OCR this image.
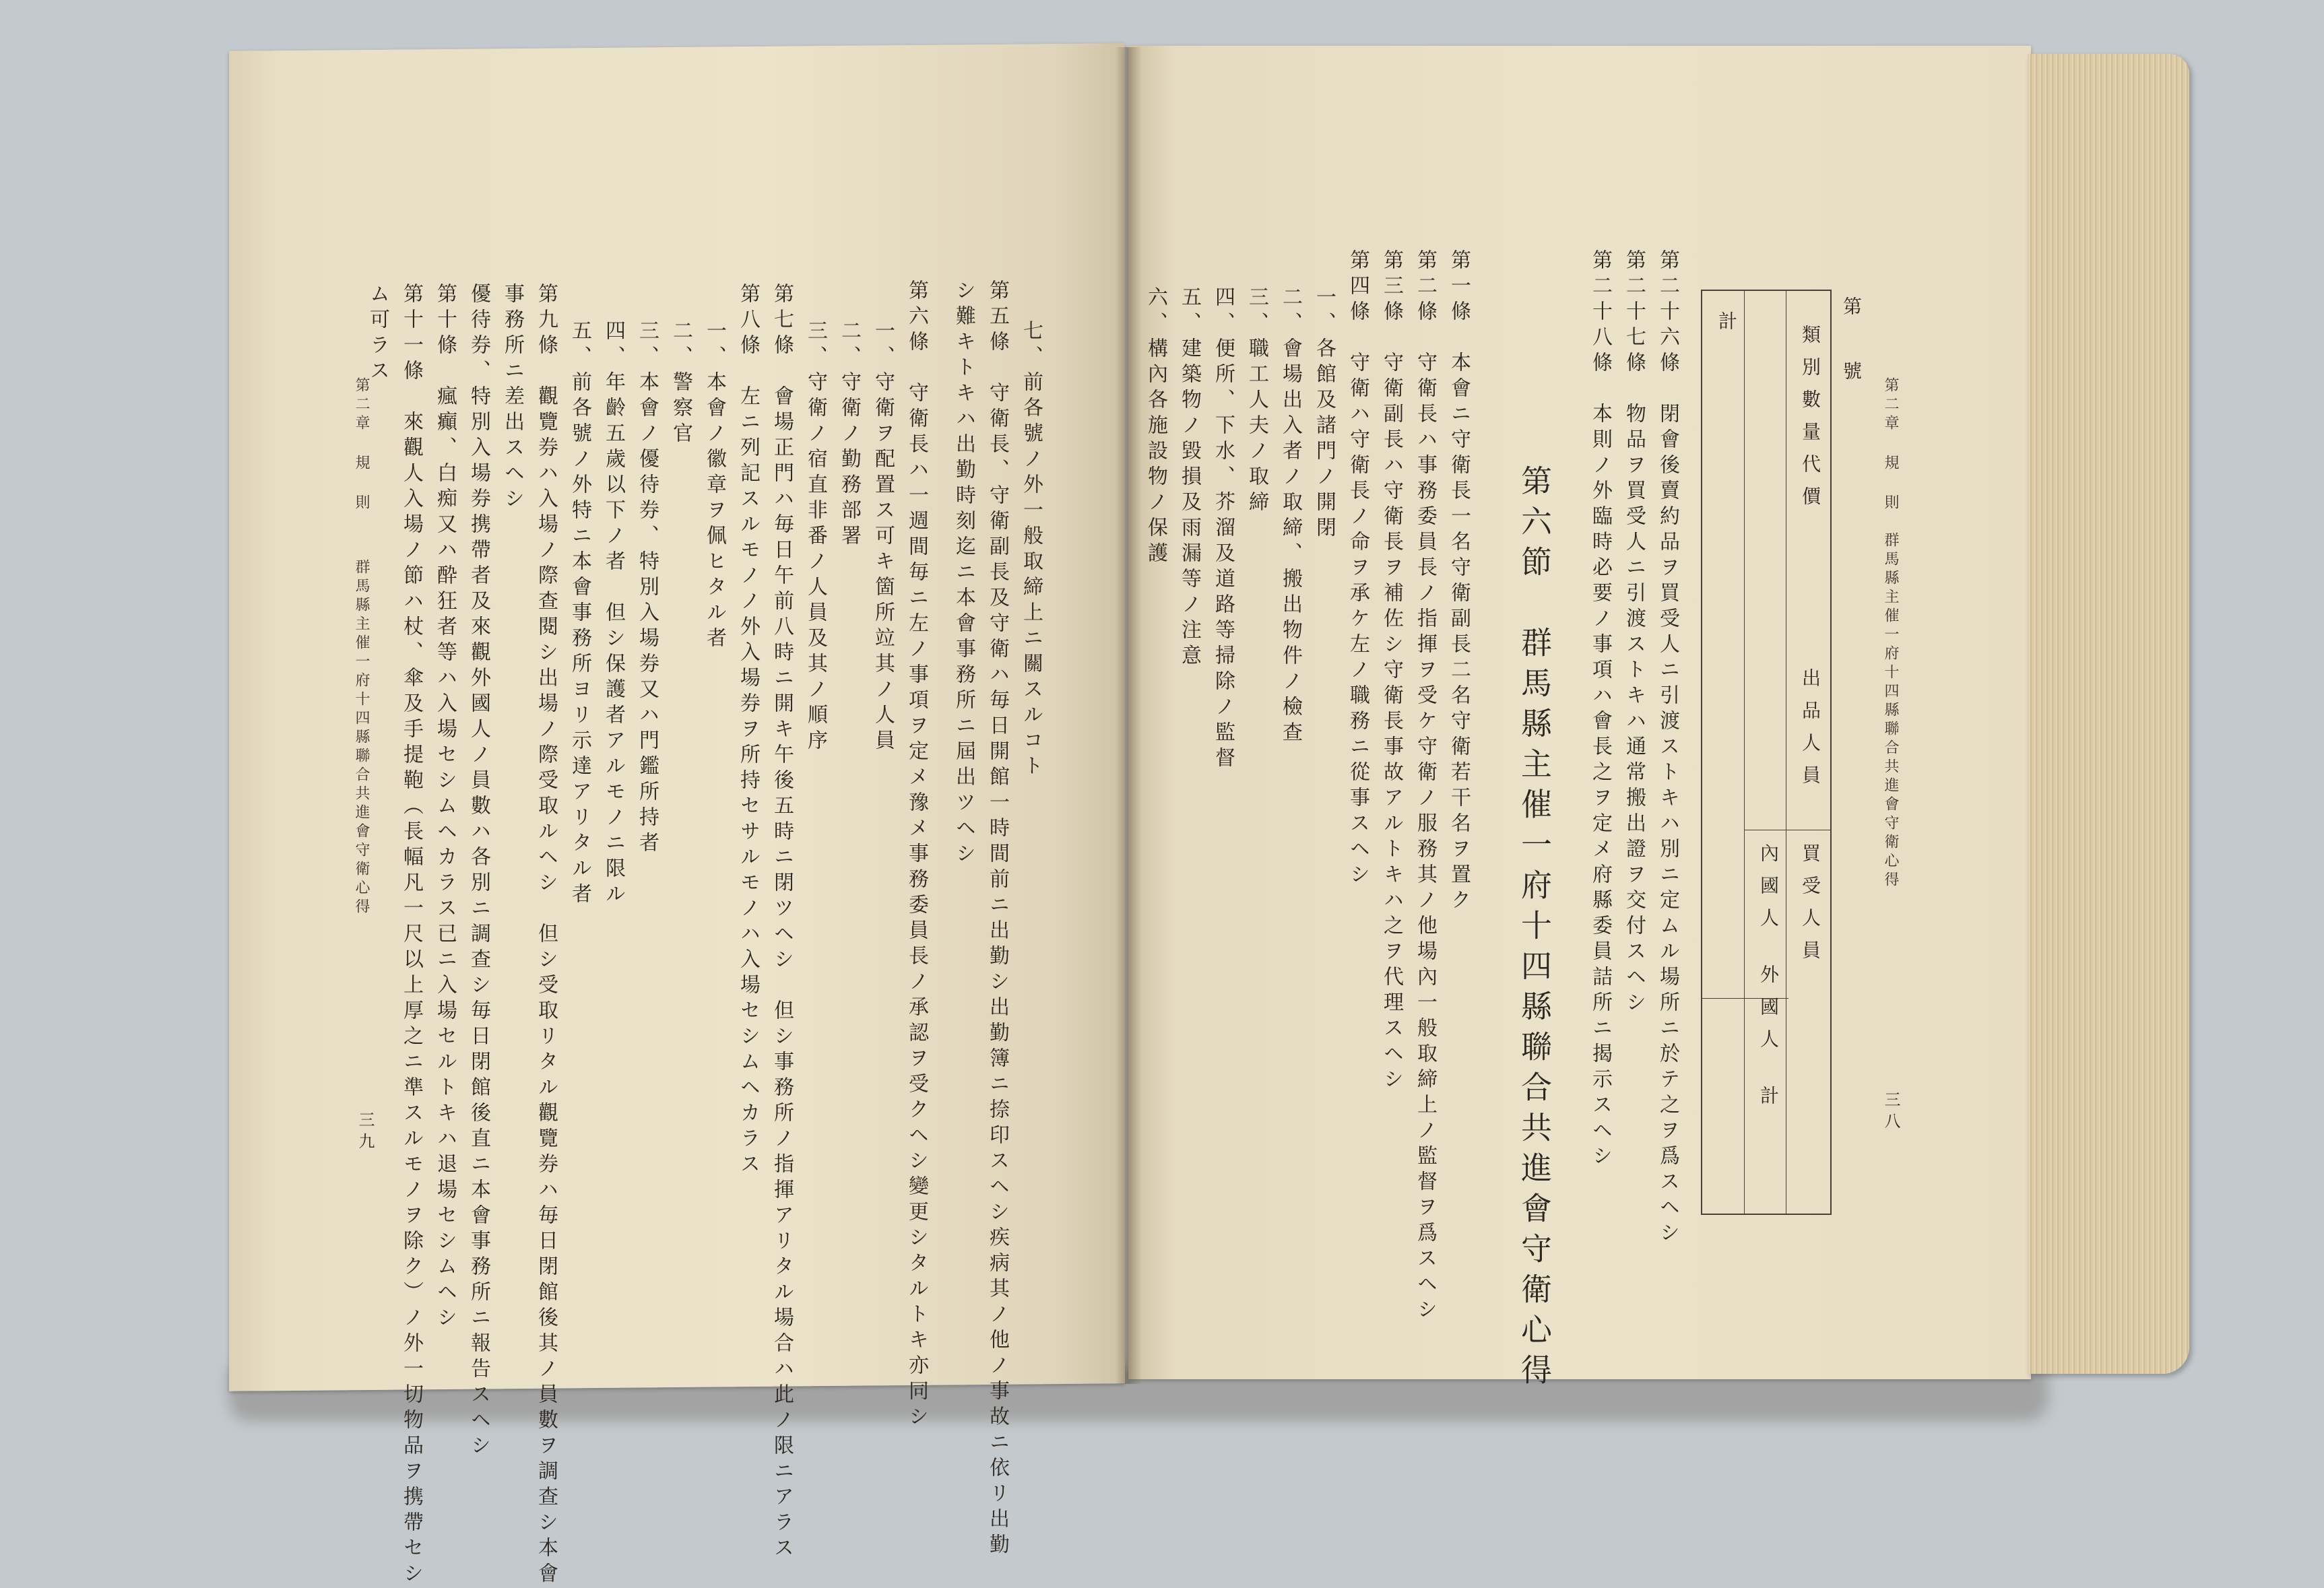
七、前各號ノ外一般取締上ニ關スルコト
第五條　守衛長、守衛副長及守衛ハ毎日開館一時間前ニ出勤シ出勤簿ニ捺印スヘシ疾病其ノ他ノ事故ニ依リ出勤
シ難キトキハ出勤時刻迄ニ本會事務所ニ屆出ツヘシ
第六條　守衛長ハ一週間毎ニ左ノ事項ヲ定メ豫メ事務委員長ノ承認ヲ受クヘシ變更シタルトキ亦同シ
一、守衛ヲ配置ス可キ箇所竝其ノ人員
二、守衛ノ勤務部署
三、守衛ノ宿直非番ノ人員及其ノ順序
第七條　會場正門ハ毎日午前八時ニ開キ午後五時ニ閉ツヘシ　但シ事務所ノ指揮アリタル場合ハ此ノ限ニアラス
第八條　左ニ列記スルモノノ外入場券ヲ所持セサルモノハ入場セシムヘカラス
一、本會ノ徽章ヲ佩ヒタル者
二、警察官
三、本會ノ優待券、特別入場券又ハ門鑑所持者
四、年齡五歲以下ノ者　但シ保護者アルモノニ限ル
五、前各號ノ外特ニ本會事務所ヨリ示達アリタル者
第九條　觀覽券ハ入場ノ際查閱シ出場ノ際受取ルヘシ　但シ受取リタル觀覽券ハ毎日閉館後其ノ員數ヲ調查シ本會
事務所ニ差出スヘシ
優待券、特別入場券携帶者及來觀外國人ノ員數ハ各別ニ調查シ毎日閉館後直ニ本會事務所ニ報告スヘシ
第十條　瘋癲、白痴又ハ酔狂者等ハ入場セシムヘカラス已ニ入場セルトキハ退場セシムヘシ
第十一條　來觀人入場ノ節ハ杖、傘及手提鞄（長幅凡一尺以上厚之ニ準スルモノヲ除ク）ノ外一切物品ヲ携帶セシ
ム可ラス
第二章 規 則
群馬縣主催一府十四縣聯合共進會守衛心得
三九
第二章 規 則
群馬縣主催一府十四縣聯合共進會守衛心得
三八
第二十六條　閉會後賣約品ヲ買受人ニ引渡ストキハ別ニ定ムル場所ニ於テ之ヲ爲スヘシ
第二十七條　物品ヲ買受人ニ引渡ストキハ通常搬出證ヲ交付スヘシ
第二十八條　本則ノ外臨時必要ノ事項ハ會長之ヲ定メ府縣委員詰所ニ揭示スヘシ
第六節　群馬縣主催一府十四縣聯合共進會守衛心得
第一條　本會ニ守衛長一名守衛副長二名守衛若干名ヲ置ク
第二條　守衛長ハ事務委員長ノ指揮ヲ受ケ守衛ノ服務其ノ他場內一般取締上ノ監督ヲ爲スヘシ
第三條　守衛副長ハ守衛長ヲ補佐シ守衛長事故アルトキハ之ヲ代理スヘシ
第四條　守衛ハ守衛長ノ命ヲ承ケ左ノ職務ニ從事スヘシ
一、各館及諸門ノ開閉
二、會場出入者ノ取締、搬出物件ノ檢查
三、職工人夫ノ取締
四、便所、下水、芥溜及道路等掃除ノ監督
五、建築物ノ毀損及雨漏等ノ注意
六、構內各施設物ノ保護	第　號
類別數量代價
出品人員
買受人員
內國人
外國人
計
計
